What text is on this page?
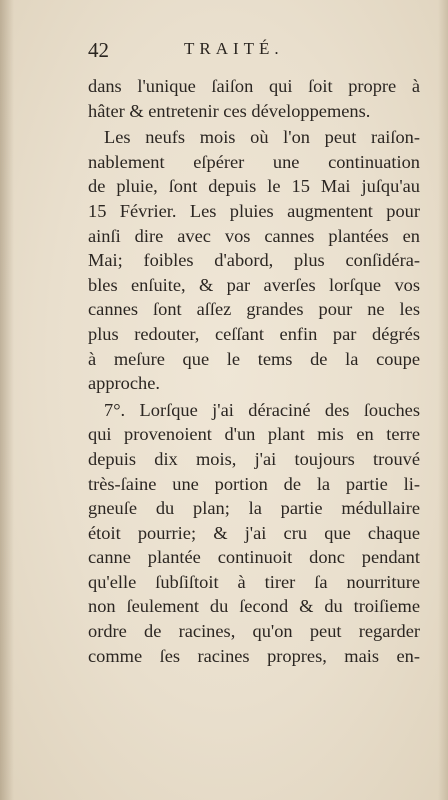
42	TRAITÉ.
dans l'unique ſaiſon qui ſoit propre à
hâter & entretenir ces développemens.
Les neufs mois où l'on peut raiſon-
nablement eſpérer une continuation
de pluie, ſont depuis le 15 Mai juſqu'au
15 Février. Les pluies augmentent pour
ainſi dire avec vos cannes plantées en
Mai; foibles d'abord, plus conſidéra-
bles enſuite, & par averſes lorſque vos
cannes ſont aſſez grandes pour ne les
plus redouter, ceſſant enfin par dégrés
à meſure que le tems de la coupe
approche.
7°. Lorſque j'ai déraciné des ſouches
qui provenoient d'un plant mis en terre
depuis dix mois, j'ai toujours trouvé
très-ſaine une portion de la partie li-
gneuſe du plan; la partie médullaire
étoit pourrie; & j'ai cru que chaque
canne plantée continuoit donc pendant
qu'elle ſubſiſtoit à tirer ſa nourriture
non ſeulement du ſecond & du troiſieme
ordre de racines, qu'on peut regarder
comme ſes racines propres, mais en-
